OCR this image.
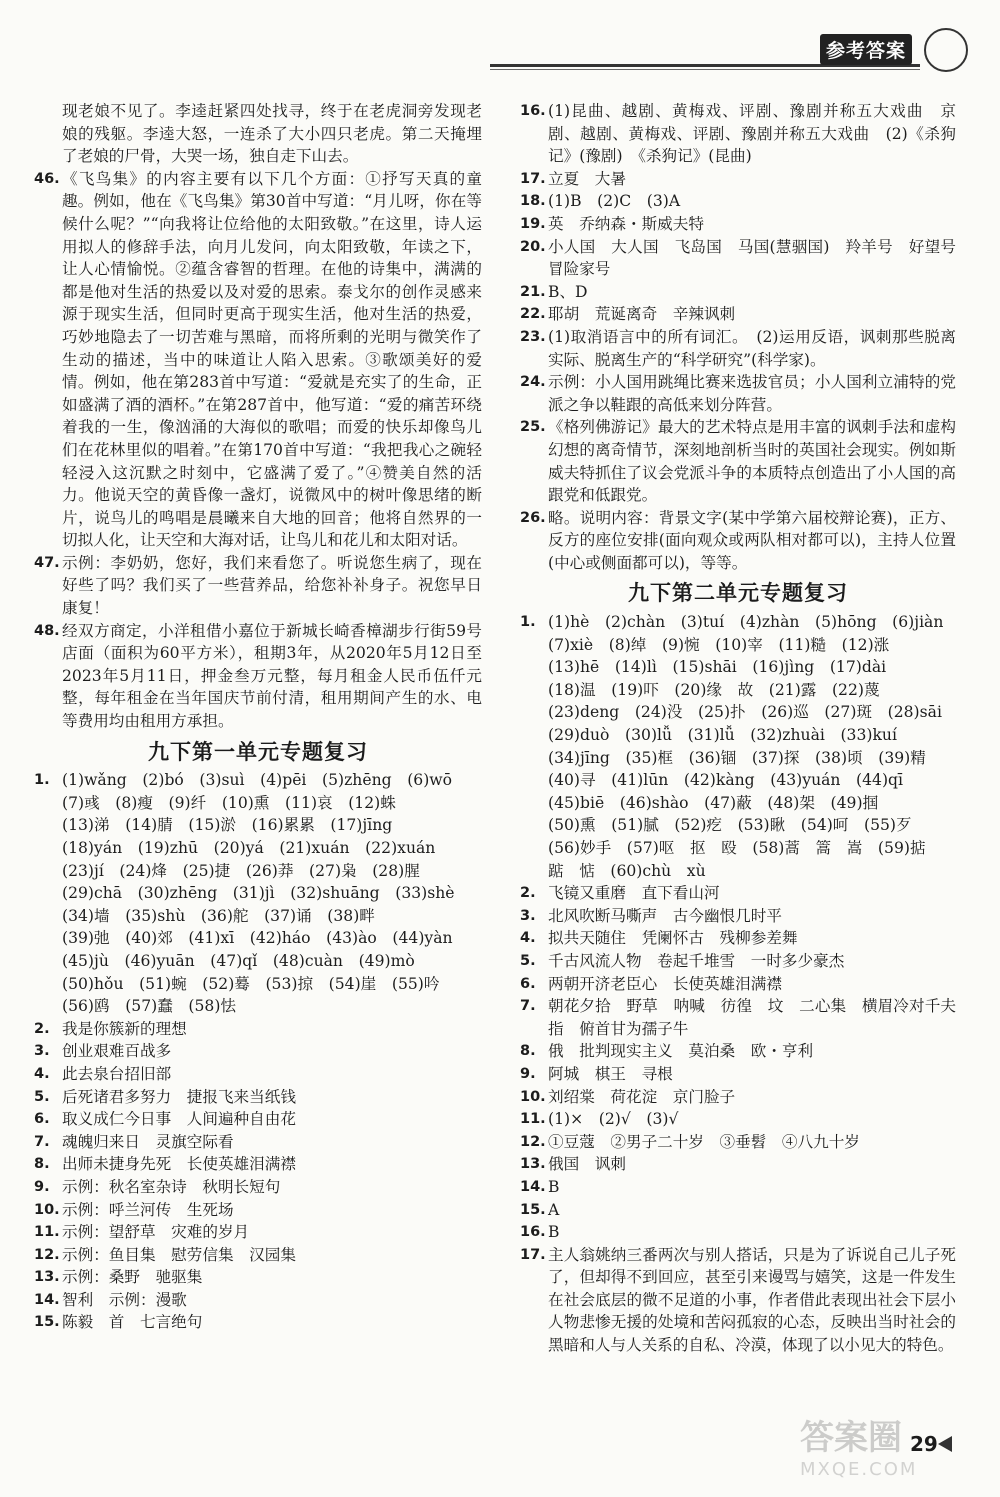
参考答案
现老娘不见了。李逵赶紧四处找寻，终于在老虎洞旁发现老娘的残躯。李逵大怒，一连杀了大小四只老虎。第二天掩埋了老娘的尸骨，大哭一场，独自走下山去。
46. 《飞鸟集》的内容主要有以下几个方面：①抒写天真的童趣。例如，他在《飞鸟集》第30首中写道：“月儿呀，你在等候什么呢？”“向我将让位给他的太阳致敬。”在这里，诗人运用拟人的修辞手法，向月儿发问，向太阳致敬，年读之下，让人心情愉悦。②蕴含睿智的哲理。在他的诗集中，满满的都是他对生活的热爱以及对爱的思索。泰戈尔的创作灵感来源于现实生活，但同时更高于现实生活，他对生活的热爱，巧妙地隐去了一切苦难与黑暗，而将所剩的光明与微笑作了生动的描述，当中的味道让人陷入思索。③歌颂美好的爱情。例如，他在第283首中写道：“爱就是充实了的生命，正如盛满了酒的酒杯。”在第287首中，他写道：“爱的痛苦环绕着我的一生，像汹涌的大海似的歌唱；而爱的快乐却像鸟儿们在花林里似的唱着。”在第170首中写道：“我把我心之碗轻轻浸入这沉默之时刻中，它盛满了爱了。”④赞美自然的活力。他说天空的黄昏像一盏灯，说微风中的树叶像思绪的断片，说鸟儿的鸣唱是晨曦来自大地的回音；他将自然界的一切拟人化，让天空和大海对话，让鸟儿和花儿和太阳对话。
47. 示例：李奶奶，您好，我们来看您了。听说您生病了，现在好些了吗？我们买了一些营养品，给您补补身子。祝您早日康复！
48. 经双方商定，小洋租借小嘉位于新城长崎香樟湖步行街59号店面（面积为60平方米），租期3年，从2020年5月12日至2023年5月11日，押金叁万元整，每月租金人民币伍仟元整，每年租金在当年国庆节前付清，租用期间产生的水、电等费用均由租用方承担。
九下第一单元专题复习
1. (1)wǎng　(2)bó　(3)suì　(4)pēi　(5)zhēng　(6)wō
(7)彧　(8)瘦　(9)纤　(10)熏　(11)哀　(12)蛛
(13)涕　(14)腈　(15)淤　(16)累累　(17)jīng
(18)yán　(19)zhū　(20)yá　(21)xuán　(22)xuán
(23)jí　(24)烽　(25)捷　(26)莽　(27)枭　(28)腥
(29)chā　(30)zhēng　(31)jì　(32)shuāng　(33)shè
(34)墙　(35)shù　(36)舵　(37)诵　(38)畔
(39)弛　(40)郊　(41)xī　(42)háo　(43)ào　(44)yàn
(45)jù　(46)yuān　(47)qǐ　(48)cuàn　(49)mò
(50)hǒu　(51)蜿　(52)蓦　(53)掠　(54)崖　(55)吟
(56)鸥　(57)蠢　(58)怯
2. 我是你簇新的理想
3. 创业艰难百战多
4. 此去泉台招旧部
5. 后死诸君多努力　捷报飞来当纸钱
6. 取义成仁今日事　人间遍种自由花
7. 魂魄归来日　灵旗空际看
8. 出师未捷身先死　长使英雄泪满襟
9. 示例：秋名室杂诗　秋明长短句
10. 示例：呼兰河传　生死场
11. 示例：望舒草　灾难的岁月
12. 示例：鱼目集　慰劳信集　汉园集
13. 示例：桑野　驰驱集
14. 智利　示例：漫歌
15. 陈毅　首　七言绝句
16. (1)昆曲、越剧、黄梅戏、评剧、豫剧并称五大戏曲　京剧、越剧、黄梅戏、评剧、豫剧并称五大戏曲　(2)《杀狗记》(豫剧)　《杀狗记》(昆曲)
17. 立夏　大暑
18. (1)B　(2)C　(3)A
19. 英　乔纳森・斯威夫特
20. 小人国　大人国　飞岛国　马国(慧骃国)　羚羊号　好望号　冒险家号
21. B、D
22. 耶胡　荒诞离奇　辛辣讽刺
23. (1)取消语言中的所有词汇。　(2)运用反语，讽刺那些脱离实际、脱离生产的“科学研究”(科学家)。
24. 示例：小人国用跳绳比赛来选拔官员；小人国利立浦特的党派之争以鞋跟的高低来划分阵营。
25. 《格列佛游记》最大的艺术特点是用丰富的讽刺手法和虚构幻想的离奇情节，深刻地剖析当时的英国社会现实。例如斯威夫特抓住了议会党派斗争的本质特点创造出了小人国的高跟党和低跟党。
26. 略。说明内容：背景文字(某中学第六届校辩论赛)，正方、反方的座位安排(面向观众或两队相对都可以)，主持人位置(中心或侧面都可以)，等等。
九下第二单元专题复习
1. (1)hè　(2)chàn　(3)tuí　(4)zhàn　(5)hōng　(6)jiàn
(7)xiè　(8)绰　(9)惋　(10)宰　(11)糙　(12)涨
(13)hē　(14)lì　(15)shāi　(16)jìng　(17)dài
(18)温　(19)吓　(20)缘　故　(21)露　(22)蔑
(23)deng　(24)没　(25)扑　(26)巡　(27)斑　(28)sāi
(29)duò　(30)lǚ　(31)lǚ　(32)zhuài　(33)kuí
(34)jīng　(35)框　(36)锢　(37)探　(38)顷　(39)精
(40)寻　(41)lūn　(42)kàng　(43)yuán　(44)qī
(45)biē　(46)shào　(47)蔽　(48)架　(49)掴
(50)熏　(51)腻　(52)疙　(53)瞅　(54)呵　(55)歹
(56)妙手　(57)呕　抠　殴　(58)蒿　篙　嵩　(59)掂
踮　惦　(60)chù　xù
2. 飞镜又重磨　直下看山河
3. 北风吹断马嘶声　古今幽恨几时平
4. 拟共天随住　凭阑怀古　残柳参差舞
5. 千古风流人物　卷起千堆雪　一时多少豪杰
6. 两朝开济老臣心　长使英雄泪满襟
7. 朝花夕拾　野草　呐喊　彷徨　坟　二心集　横眉冷对千夫指　俯首甘为孺子牛
8. 俄　批判现实主义　莫泊桑　欧・亨利
9. 阿城　棋王　寻根
10. 刘绍棠　荷花淀　京门脸子
11. (1)×　(2)√　(3)√
12. ①豆蔻　②男子二十岁　③垂髫　④八九十岁
13. 俄国　讽刺
14. B
15. A
16. B
17. 主人翁姚纳三番两次与别人搭话，只是为了诉说自己儿子死了，但却得不到回应，甚至引来谩骂与嬉笑，这是一件发生在社会底层的微不足道的小事，作者借此表现出社会下层小人物悲惨无援的处境和苦闷孤寂的心态，反映出当时社会的黑暗和人与人关系的自私、冷漠，体现了以小见大的特色。
答案圈
MXQE.COM
29
